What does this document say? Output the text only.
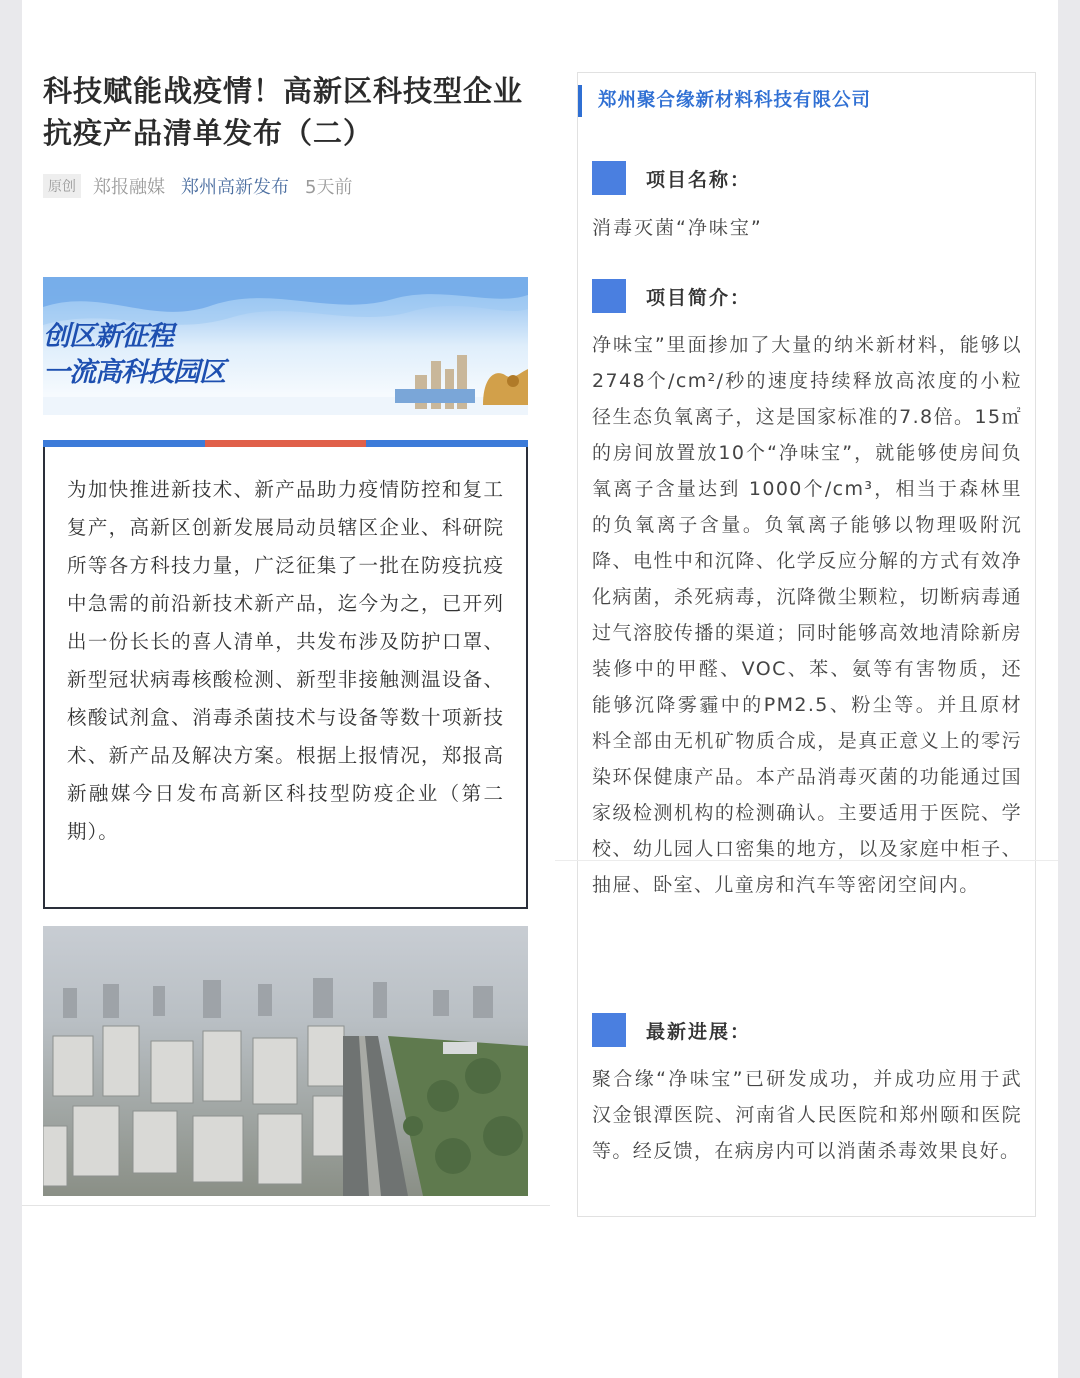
科技赋能战疫情！高新区科技型企业抗疫产品清单发布（二）
原创 郑报融媒 郑州高新发布 5天前
创区新征程
一流高科技园区

为加快推进新技术、新产品助力疫情防控和复工复产，高新区创新发展局动员辖区企业、科研院所等各方科技力量，广泛征集了一批在防疫抗疫中急需的前沿新技术新产品，迄今为之，已开列出一份长长的喜人清单，共发布涉及防护口罩、新型冠状病毒核酸检测、新型非接触测温设备、核酸试剂盒、消毒杀菌技术与设备等数十项新技术、新产品及解决方案。根据上报情况，郑报高新融媒今日发布高新区科技型防疫企业（第二期）。

郑州聚合缘新材料科技有限公司
项目名称：

消毒灭菌“净味宝”

项目简介：

净味宝”里面掺加了大量的纳米新材料，能够以2748个/cm²/秒的速度持续释放高浓度的小粒径生态负氧离子，这是国家标准的7.8倍。15㎡的房间放置放10个“净味宝”，就能够使房间负氧离子含量达到 1000个/cm³，相当于森林里的负氧离子含量。负氧离子能够以物理吸附沉降、电性中和沉降、化学反应分解的方式有效净化病菌，杀死病毒，沉降微尘颗粒，切断病毒通过气溶胶传播的渠道；同时能够高效地清除新房装修中的甲醛、VOC、苯、氨等有害物质，还能够沉降雾霾中的PM2.5、粉尘等。并且原材料全部由无机矿物质合成，是真正意义上的零污染环保健康产品。本产品消毒灭菌的功能通过国家级检测机构的检测确认。主要适用于医院、学校、幼儿园人口密集的地方，以及家庭中柜子、抽屉、卧室、儿童房和汽车等密闭空间内。

最新进展：

聚合缘“净味宝”已研发成功，并成功应用于武汉金银潭医院、河南省人民医院和郑州颐和医院等。经反馈，在病房内可以消菌杀毒效果良好。
